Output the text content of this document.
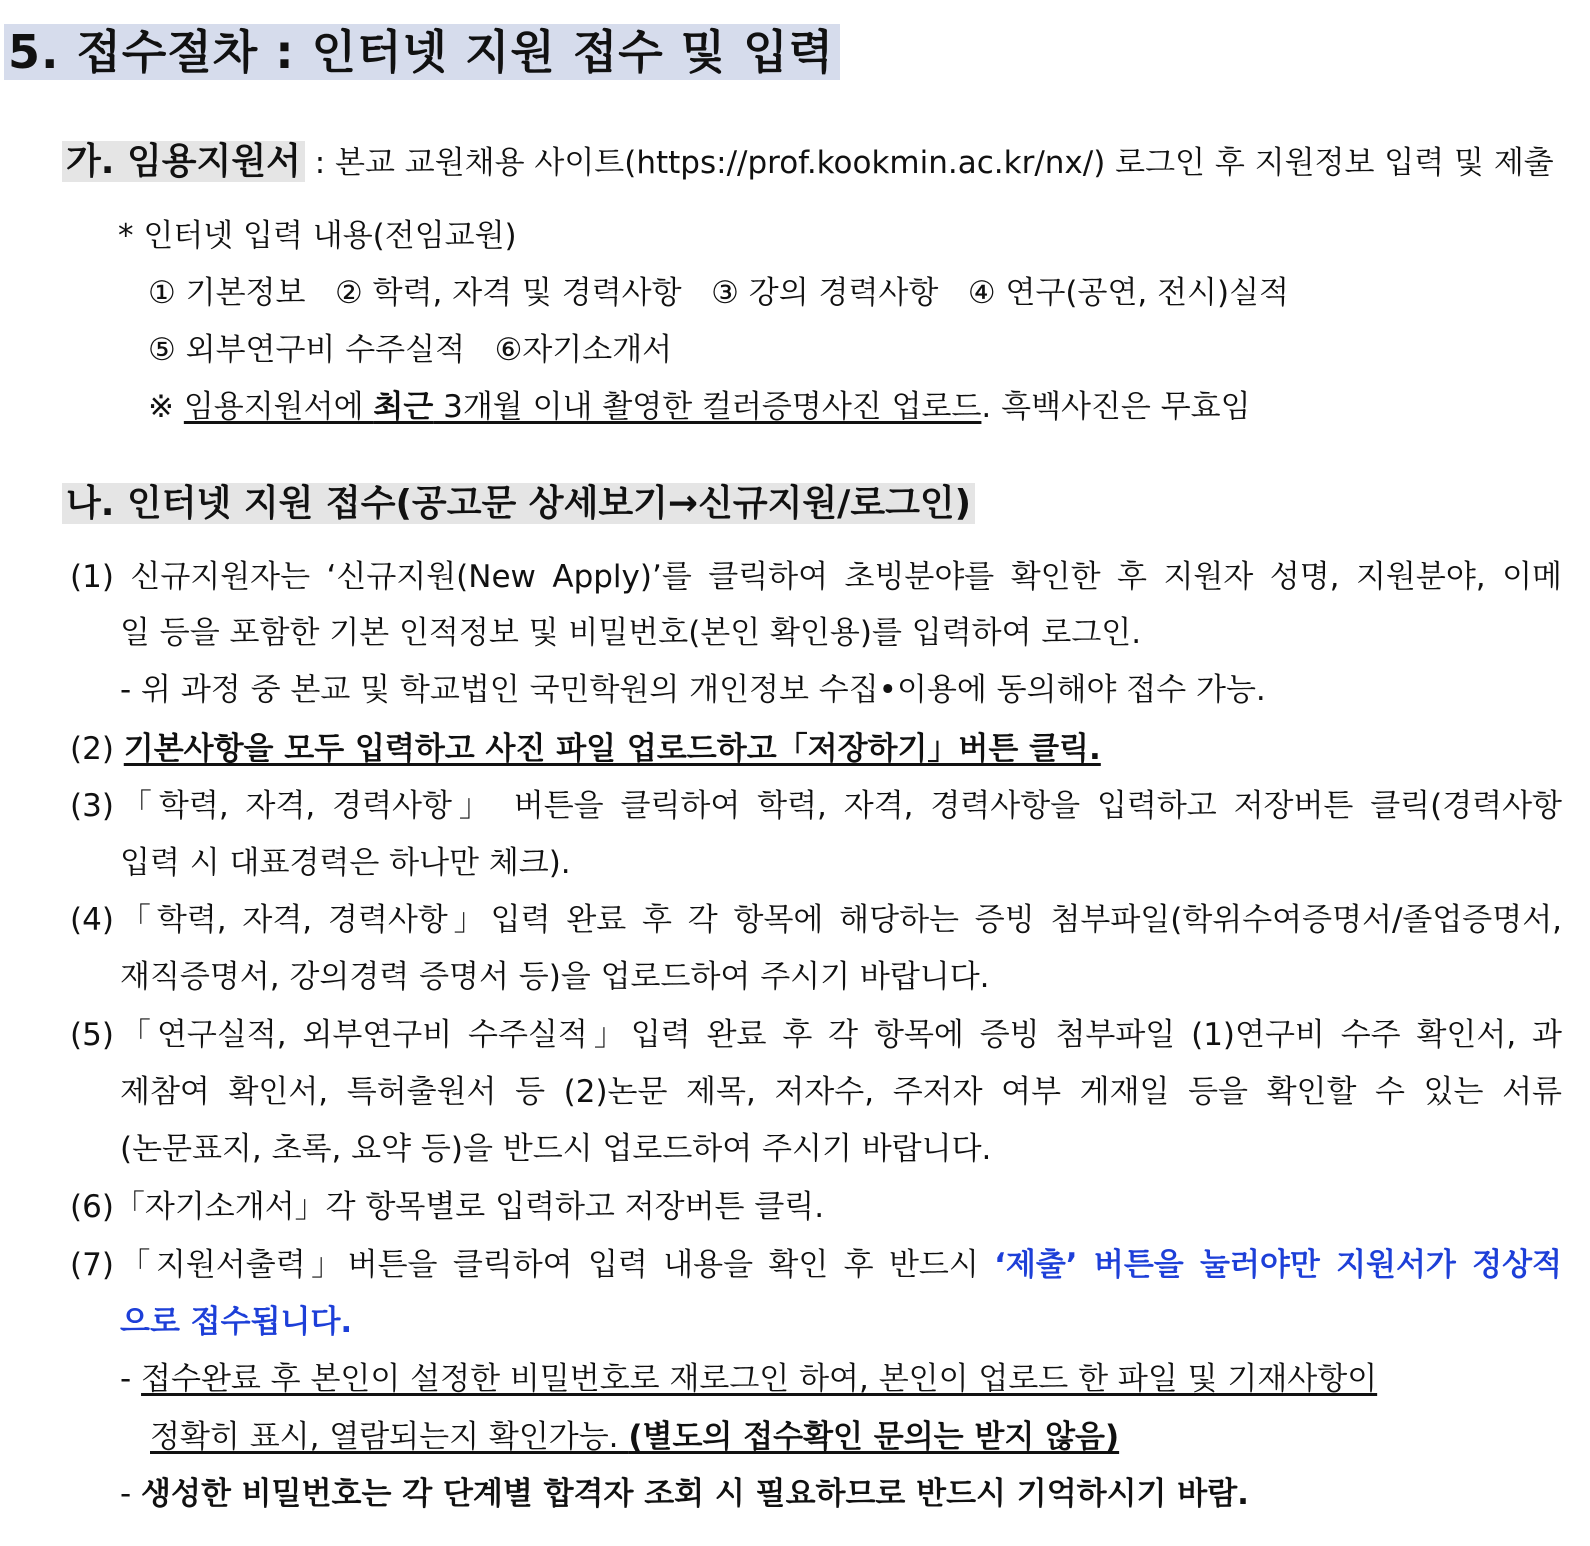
5. 접수절차 : 인터넷 지원 접수 및 입력
가. 임용지원서 : 본교 교원채용 사이트(https://prof.kookmin.ac.kr/nx/) 로그인 후 지원정보 입력 및 제출
* 인터넷 입력 내용(전임교원)
① 기본정보   ② 학력, 자격 및 경력사항   ③ 강의 경력사항   ④ 연구(공연, 전시)실적
⑤ 외부연구비 수주실적   ⑥자기소개서
※ 임용지원서에 최근 3개월 이내 촬영한 컬러증명사진 업로드. 흑백사진은 무효임
나. 인터넷 지원 접수(공고문 상세보기→신규지원/로그인)
(1) 신규지원자는 ‘신규지원(New Apply)’를 클릭하여 초빙분야를 확인한 후 지원자 성명, 지원분야, 이메
일 등을 포함한 기본 인적정보 및 비밀번호(본인 확인용)를 입력하여 로그인.
- 위 과정 중 본교 및 학교법인 국민학원의 개인정보 수집•이용에 동의해야 접수 가능.
(2) 기본사항을 모두 입력하고 사진 파일 업로드하고「저장하기」버튼 클릭.
(3)「학력, 자격, 경력사항」 버튼을 클릭하여 학력, 자격, 경력사항을 입력하고 저장버튼 클릭(경력사항
입력 시 대표경력은 하나만 체크).
(4)「학력, 자격, 경력사항」입력 완료 후 각 항목에 해당하는 증빙 첨부파일(학위수여증명서/졸업증명서,
재직증명서, 강의경력 증명서 등)을 업로드하여 주시기 바랍니다.
(5)「연구실적, 외부연구비 수주실적」입력 완료 후 각 항목에 증빙 첨부파일 (1)연구비 수주 확인서, 과
제참여 확인서, 특허출원서 등 (2)논문 제목, 저자수, 주저자 여부 게재일 등을 확인할 수 있는 서류
(논문표지, 초록, 요약 등)을 반드시 업로드하여 주시기 바랍니다.
(6)「자기소개서」각 항목별로 입력하고 저장버튼 클릭.
(7)「지원서출력」버튼을 클릭하여 입력 내용을 확인 후 반드시 ‘제출’ 버튼을 눌러야만 지원서가 정상적
으로 접수됩니다.
- 접수완료 후 본인이 설정한 비밀번호로 재로그인 하여, 본인이 업로드 한 파일 및 기재사항이
정확히 표시, 열람되는지 확인가능. (별도의 접수확인 문의는 받지 않음)
- 생성한 비밀번호는 각 단계별 합격자 조회 시 필요하므로 반드시 기억하시기 바람.
